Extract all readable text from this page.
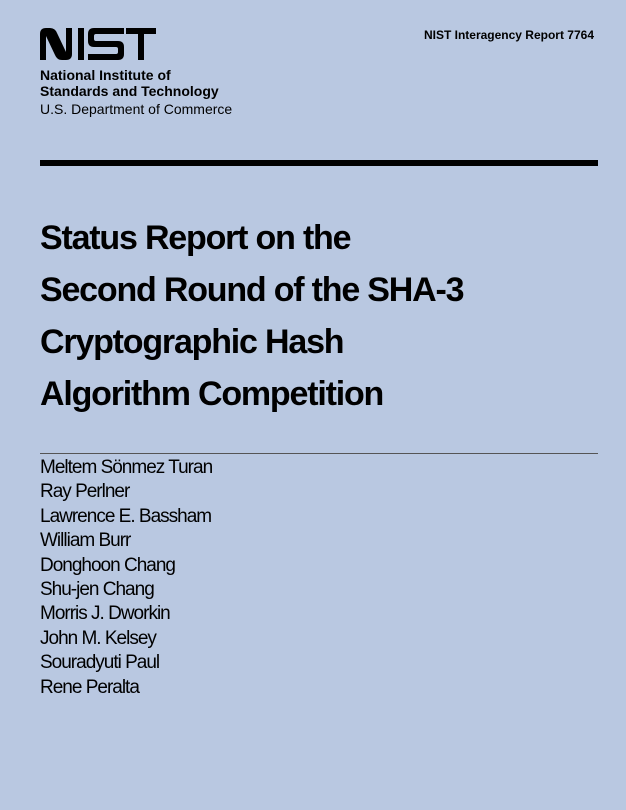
National Institute of
Standards and Technology
U.S. Department of Commerce
NIST Interagency Report 7764
Status Report on the
Second Round of the SHA-3
Cryptographic Hash
Algorithm Competition
Meltem Sönmez Turan
Ray Perlner
Lawrence E. Bassham
William Burr
Donghoon Chang
Shu-jen Chang
Morris J. Dworkin
John M. Kelsey
Souradyuti Paul
Rene Peralta
